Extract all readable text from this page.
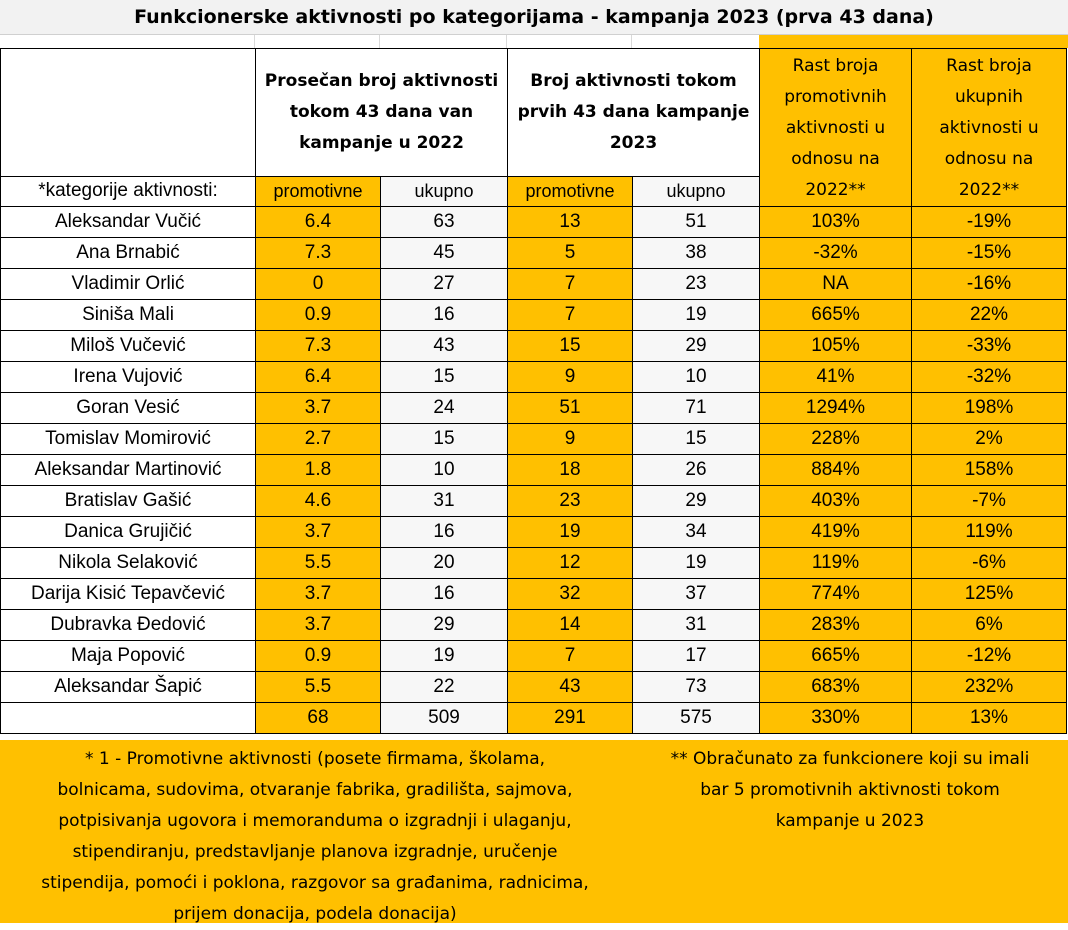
Funkcionerske aktivnosti po kategorijama - kampanja 2023 (prva 43 dana)
	Prosečan broj aktivnosti tokom 43 dana van kampanje u 2022		Broj aktivnosti tokom prvih 43 dana kampanje 2023		Rast broja promotivnih aktivnosti u odnosu na 2022**	Rast broja ukupnih aktivnosti u odnosu na 2022**
*kategorije aktivnosti:	promotivne	ukupno	promotivne	ukupno		
Aleksandar Vučić	6.4	63	13	51	103%	-19%
Ana Brnabić	7.3	45	5	38	-32%	-15%
Vladimir Orlić	0	27	7	23	NA	-16%
Siniša Mali	0.9	16	7	19	665%	22%
Miloš Vučević	7.3	43	15	29	105%	-33%
Irena Vujović	6.4	15	9	10	41%	-32%
Goran Vesić	3.7	24	51	71	1294%	198%
Tomislav Momirović	2.7	15	9	15	228%	2%
Aleksandar Martinović	1.8	10	18	26	884%	158%
Bratislav Gašić	4.6	31	23	29	403%	-7%
Danica Grujičić	3.7	16	19	34	419%	119%
Nikola Selaković	5.5	20	12	19	119%	-6%
Darija Kisić Tepavčević	3.7	16	32	37	774%	125%
Dubravka Đedović	3.7	29	14	31	283%	6%
Maja Popović	0.9	19	7	17	665%	-12%
Aleksandar Šapić	5.5	22	43	73	683%	232%
	68	509	291	575	330%	13%
* 1 - Promotivne aktivnosti (posete firmama, školama,
bolnicama, sudovima, otvaranje fabrika, gradilišta, sajmova,
potpisivanja ugovora i memoranduma o izgradnji i ulaganju,
stipendiranju, predstavljanje planova izgradnje, uručenje
stipendija, pomoći i poklona, razgovor sa građanima, radnicima,
prijem donacija, podela donacija)
** Obračunato za funkcionere koji su imali
bar 5 promotivnih aktivnosti tokom
kampanje u 2023
